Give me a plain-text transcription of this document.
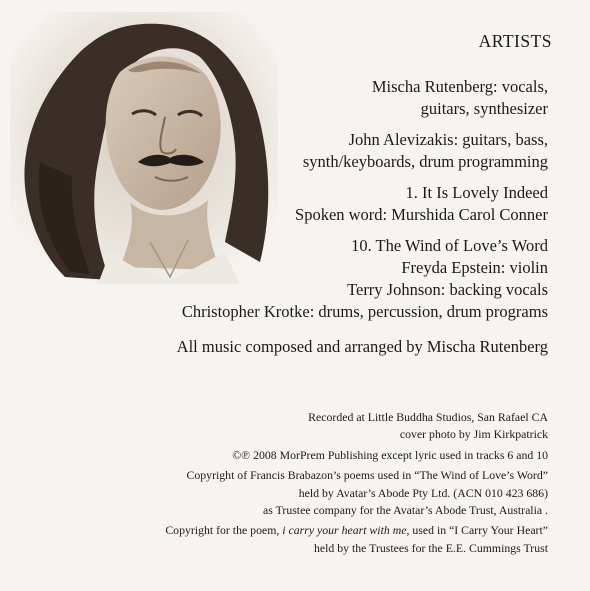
ARTISTS

Mischa Rutenberg: vocals,

guitars, synthesizer

John Alevizakis: guitars, bass,

synth/keyboards, drum programming

1. It Is Lovely Indeed

Spoken word: Murshida Carol Conner

10. The Wind of Love’s Word

Freyda Epstein: violin

Terry Johnson: backing vocals

Christopher Krotke: drums, percussion, drum programs

All music composed and arranged by Mischa Rutenberg

Recorded at Little Buddha Studios, San Rafael CA
cover photo by Jim Kirkpatrick
©℗ 2008 MorPrem Publishing except lyric used in tracks 6 and 10
Copyright of Francis Brabazon’s poems used in “The Wind of Love’s Word”
held by Avatar’s Abode Pty Ltd. (ACN 010 423 686)
as Trustee company for the Avatar’s Abode Trust, Australia .
Copyright for the poem, i carry your heart with me, used in “I Carry Your Heart”
held by the Trustees for the E.E. Cummings Trust
